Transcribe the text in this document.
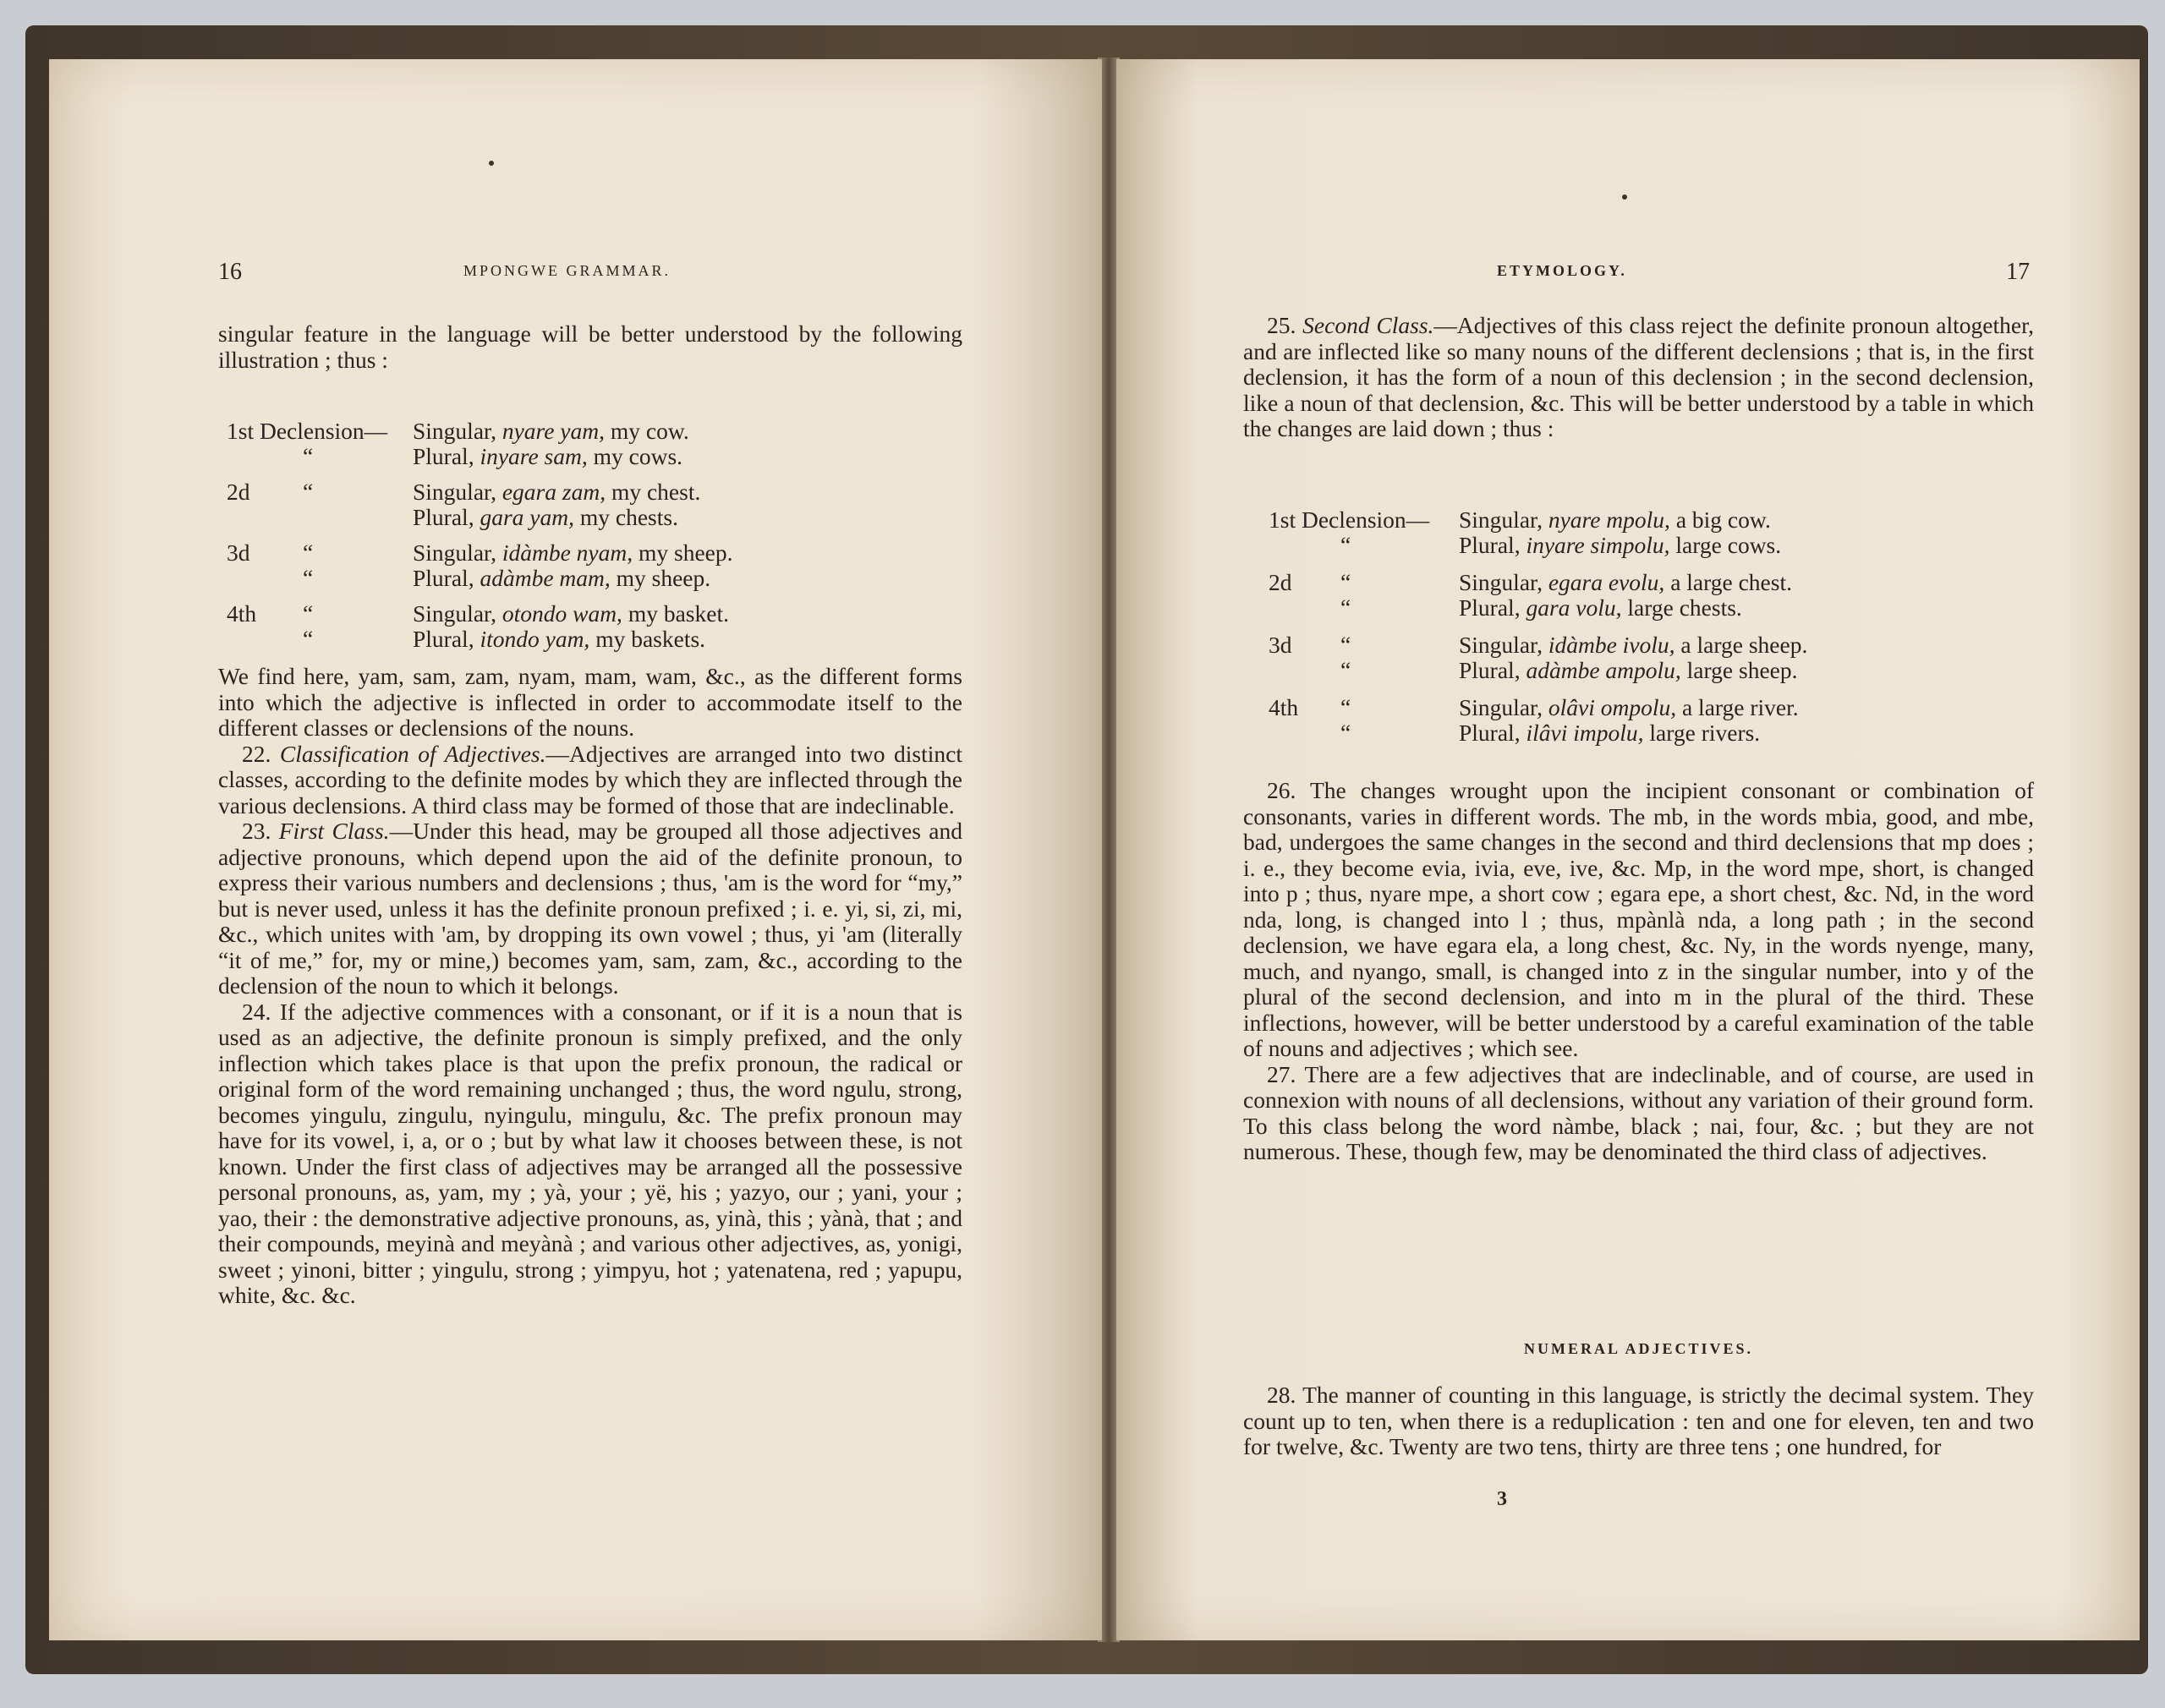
16	MPONGWE GRAMMAR.

singular feature in the language will be better understood by the following illustration ; thus :

1st Declension— Singular, nyare yam, my cow.
“	Plural, inyare sam, my cows.
2d “	Singular, egara zam, my chest.
Plural, gara yam, my chests.
3d “	Singular, idàmbe nyam, my sheep.
“	Plural, adàmbe mam, my sheep.
4th “	Singular, otondo wam, my basket.
“	Plural, itondo yam, my baskets.

We find here, yam, sam, zam, nyam, mam, wam, &c., as the different forms into which the adjective is inflected in order to accommodate itself to the different classes or declensions of the nouns.

22. Classification of Adjectives.—Adjectives are arranged into two distinct classes, according to the definite modes by which they are inflected through the various declensions. A third class may be formed of those that are indeclinable.

23. First Class.—Under this head, may be grouped all those adjectives and adjective pronouns, which depend upon the aid of the definite pronoun, to express their various numbers and declensions ; thus, 'am is the word for “my,” but is never used, unless it has the definite pronoun prefixed ; i. e. yi, si, zi, mi, &c., which unites with 'am, by dropping its own vowel ; thus, yi 'am (literally “it of me,” for, my or mine,) becomes yam, sam, zam, &c., according to the declension of the noun to which it belongs.

24. If the adjective commences with a consonant, or if it is a noun that is used as an adjective, the definite pronoun is simply prefixed, and the only inflection which takes place is that upon the prefix pronoun, the radical or original form of the word remaining unchanged ; thus, the word ngulu, strong, becomes yingulu, zingulu, nyingulu, mingulu, &c. The prefix pronoun may have for its vowel, i, a, or o ; but by what law it chooses between these, is not known. Under the first class of adjectives may be arranged all the possessive personal pronouns, as, yam, my ; yà, your ; yë, his ; yazyo, our ; yani, your ; yao, their : the demonstrative adjective pronouns, as, yinà, this ; yànà, that ; and their compounds, meyinà and meyànà ; and various other adjectives, as, yonigi, sweet ; yinoni, bitter ; yingulu, strong ; yimpyu, hot ; yatenatena, red ; yapupu, white, &c. &c.

ETYMOLOGY.	17

25. Second Class.—Adjectives of this class reject the definite pronoun altogether, and are inflected like so many nouns of the different declensions ; that is, in the first declension, it has the form of a noun of this declension ; in the second declension, like a noun of that declension, &c. This will be better understood by a table in which the changes are laid down ; thus :

1st Declension— Singular, nyare mpolu, a big cow.
“	Plural, inyare simpolu, large cows.
2d “	Singular, egara evolu, a large chest.
“	Plural, gara volu, large chests.
3d “	Singular, idàmbe ivolu, a large sheep.
“	Plural, adàmbe ampolu, large sheep.
4th “	Singular, olâvi ompolu, a large river.
“	Plural, ilâvi impolu, large rivers.

26. The changes wrought upon the incipient consonant or combination of consonants, varies in different words. The mb, in the words mbia, good, and mbe, bad, undergoes the same changes in the second and third declensions that mp does ; i. e., they become evia, ivia, eve, ive, &c. Mp, in the word mpe, short, is changed into p ; thus, nyare mpe, a short cow ; egara epe, a short chest, &c. Nd, in the word nda, long, is changed into l ; thus, mpànlà nda, a long path ; in the second declension, we have egara ela, a long chest, &c. Ny, in the words nyenge, many, much, and nyango, small, is changed into z in the singular number, into y of the plural of the second declension, and into m in the plural of the third. These inflections, however, will be better understood by a careful examination of the table of nouns and adjectives ; which see.

27. There are a few adjectives that are indeclinable, and of course, are used in connexion with nouns of all declensions, without any variation of their ground form. To this class belong the word nàmbe, black ; nai, four, &c. ; but they are not numerous. These, though few, may be denominated the third class of adjectives.

NUMERAL ADJECTIVES.

28. The manner of counting in this language, is strictly the decimal system. They count up to ten, when there is a reduplication : ten and one for eleven, ten and two for twelve, &c. Twenty are two tens, thirty are three tens ; one hundred, for

3
